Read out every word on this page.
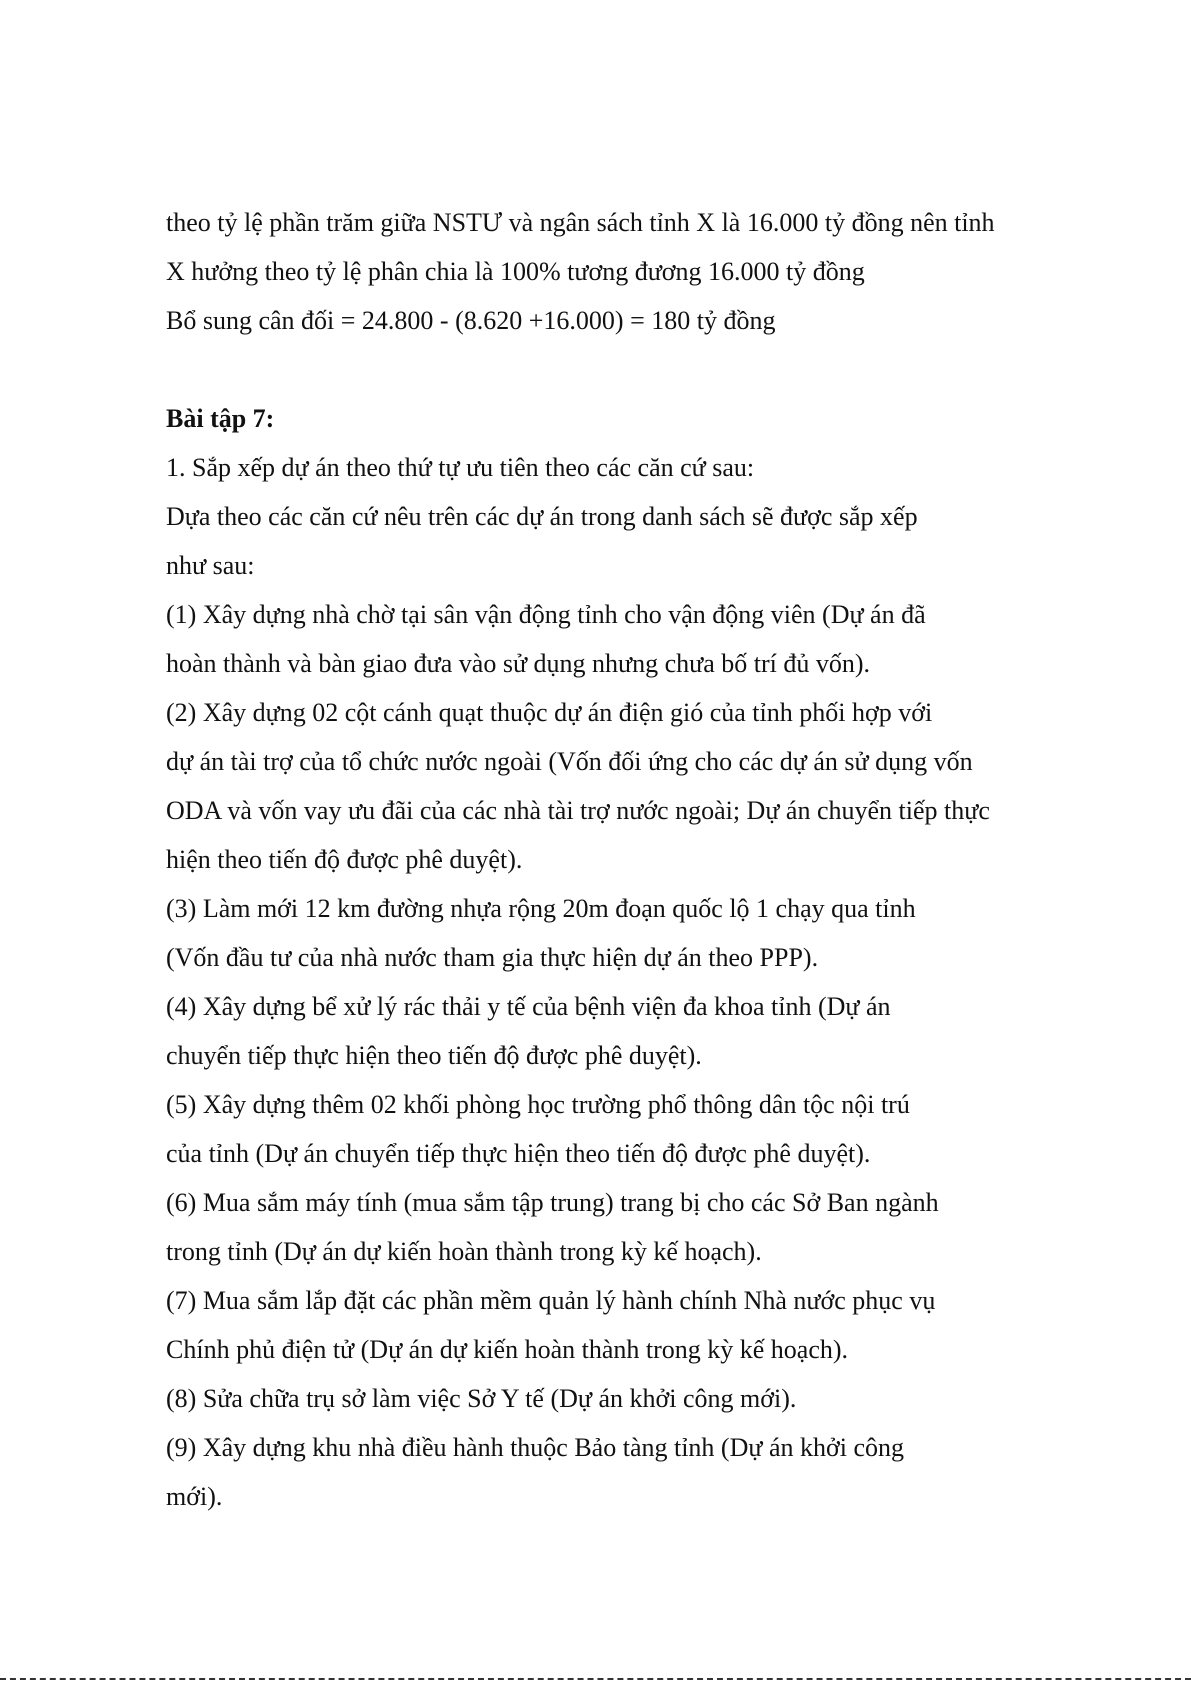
theo tỷ lệ phần trăm giữa NSTƯ và ngân sách tỉnh X là 16.000 tỷ đồng nên tỉnh
X hưởng theo tỷ lệ phân chia là 100% tương đương 16.000 tỷ đồng
Bổ sung cân đối = 24.800 - (8.620 +16.000) = 180 tỷ đồng
Bài tập 7:
1. Sắp xếp dự án theo thứ tự ưu tiên theo các căn cứ sau:
Dựa theo các căn cứ nêu trên các dự án trong danh sách sẽ được sắp xếp
như sau:
(1) Xây dựng nhà chờ tại sân vận động tỉnh cho vận động viên (Dự án đã
hoàn thành và bàn giao đưa vào sử dụng nhưng chưa bố trí đủ vốn).
(2) Xây dựng 02 cột cánh quạt thuộc dự án điện gió của tỉnh phối hợp với
dự án tài trợ của tổ chức nước ngoài (Vốn đối ứng cho các dự án sử dụng vốn
ODA và vốn vay ưu đãi của các nhà tài trợ nước ngoài; Dự án chuyển tiếp thực
hiện theo tiến độ được phê duyệt).
(3) Làm mới 12 km đường nhựa rộng 20m đoạn quốc lộ 1 chạy qua tỉnh
(Vốn đầu tư của nhà nước tham gia thực hiện dự án theo PPP).
(4) Xây dựng bể xử lý rác thải y tế của bệnh viện đa khoa tỉnh (Dự án
chuyển tiếp thực hiện theo tiến độ được phê duyệt).
(5) Xây dựng thêm 02 khối phòng học trường phổ thông dân tộc nội trú
của tỉnh (Dự án chuyển tiếp thực hiện theo tiến độ được phê duyệt).
(6) Mua sắm máy tính (mua sắm tập trung) trang bị cho các Sở Ban ngành
trong tỉnh (Dự án dự kiến hoàn thành trong kỳ kế hoạch).
(7) Mua sắm lắp đặt các phần mềm quản lý hành chính Nhà nước phục vụ
Chính phủ điện tử (Dự án dự kiến hoàn thành trong kỳ kế hoạch).
(8) Sửa chữa trụ sở làm việc Sở Y tế (Dự án khởi công mới).
(9) Xây dựng khu nhà điều hành thuộc Bảo tàng tỉnh (Dự án khởi công
mới).
